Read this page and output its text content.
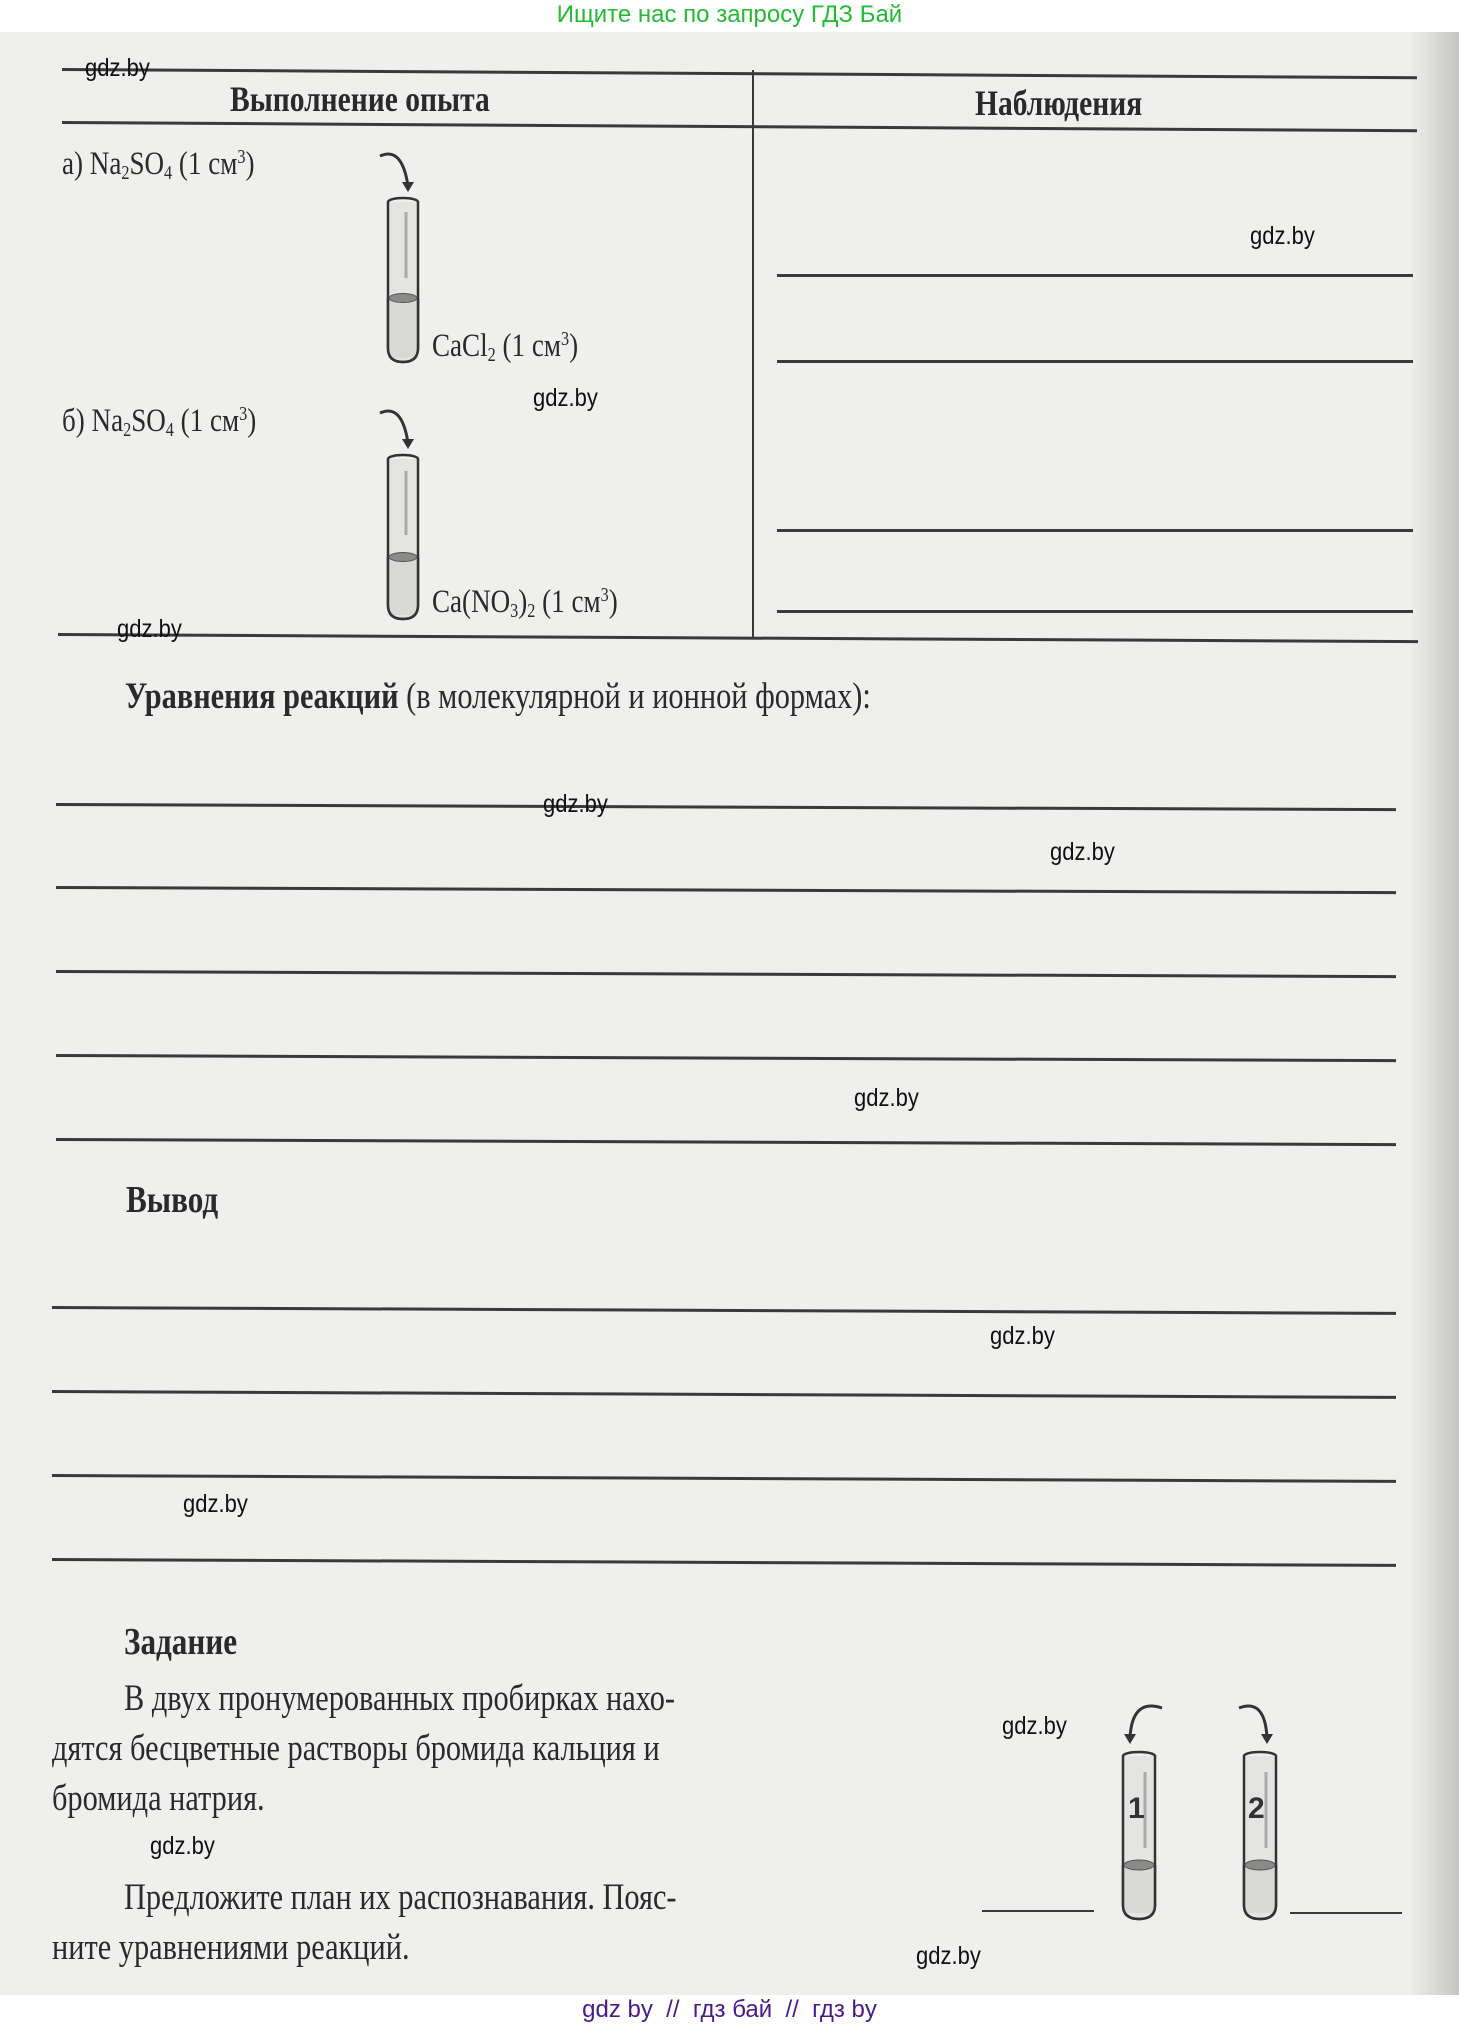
Ищите нас по запросу ГДЗ Бай
Выполнение опыта	Наблюдения
а) $Na_2SO_4$ (1 $см^3$)
CaCl$_2$ (1 $см^3$)
б) $Na_2SO_4$ (1 $см^3$)
$Ca(NO_3)_2$ (1 $см^3$)
Уравнения реакций (в молекулярной и ионной формах):
Вывод
Задание
В двух пронумерованных пробирках нахо-
дятся бесцветные растворы бромида кальция и
бромида натрия.
Предложите план их распознавания. Пояс-
ните уравнениями реакций.
1	2
gdz.by
gdz.by
gdz.by
gdz.by
gdz.by
gdz.by
gdz.by
gdz.by
gdz.by
gdz.by
gdz.by
gdz.by
gdz by  //  гдз бай  //  гдз by
